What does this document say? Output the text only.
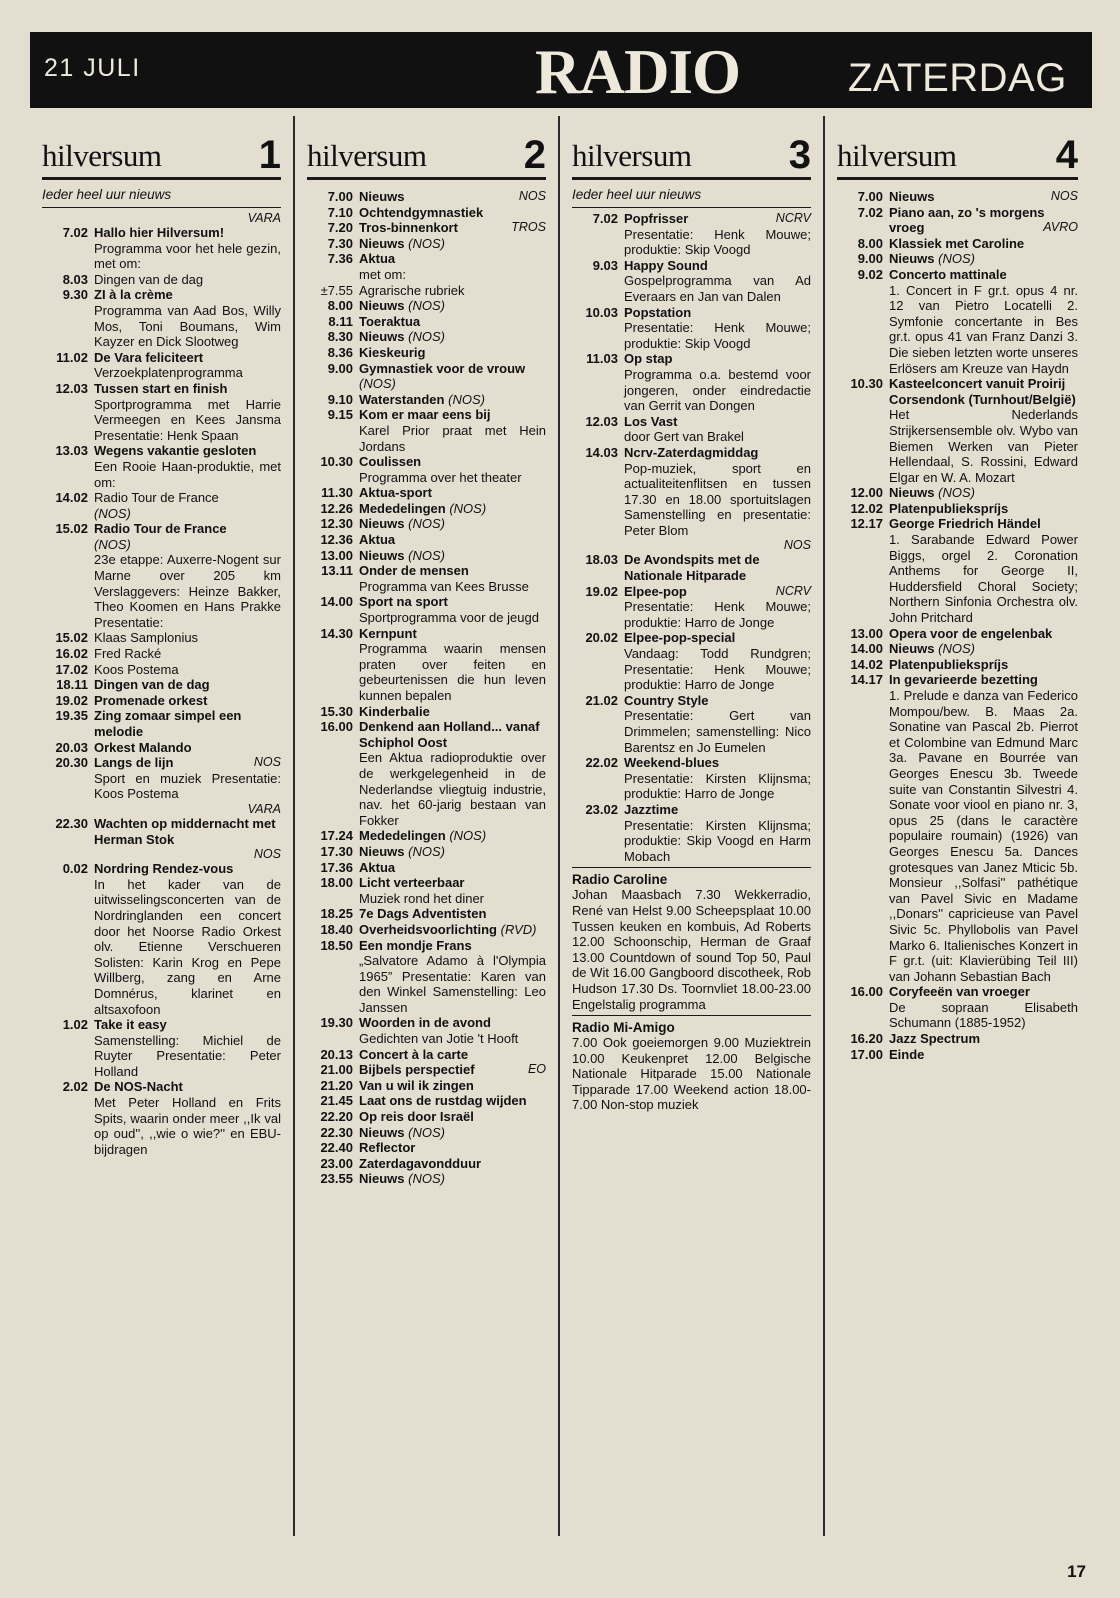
21 JULI	RADIO	ZATERDAG
hilversum 1
Ieder heel uur nieuws
VARA
7.02 Hallo hier Hilversum!
Programma voor het hele gezin, met om:
8.03 Dingen van de dag
9.30 ZI à la crème
Programma van Aad Bos, Willy Mos, Toni Boumans, Wim Kayzer en Dick Slootweg
11.02 De Vara feliciteert
Verzoekplatenprogramma
12.03 Tussen start en finish
Sportprogramma met Harrie Vermeegen en Kees Jansma Presentatie: Henk Spaan
13.03 Wegens vakantie gesloten
Een Rooie Haan-produktie, met om:
14.02 Radio Tour de France
(NOS)
15.02 Radio Tour de France
(NOS)
23e etappe: Auxerre-Nogent sur Marne over 205 km Verslaggevers: Heinze Bakker, Theo Koomen en Hans Prakke Presentatie:
15.02 Klaas Samplonius
16.02 Fred Racké
17.02 Koos Postema
18.11 Dingen van de dag
19.02 Promenade orkest
19.35 Zing zomaar simpel een melodie
20.03 Orkest Malando
20.30 Langs de lijn	NOS
Sport en muziek Presentatie: Koos Postema
VARA
22.30 Wachten op middernacht met Herman Stok
NOS
0.02 Nordring Rendez-vous
In het kader van de uitwisselingsconcerten van de Nordringlanden een concert door het Noorse Radio Orkest olv. Etienne Verschueren Solisten: Karin Krog en Pepe Willberg, zang en Arne Domnérus, klarinet en altsaxofoon
1.02 Take it easy
Samenstelling: Michiel de Ruyter Presentatie: Peter Holland
2.02 De NOS-Nacht
Met Peter Holland en Frits Spits, waarin onder meer ,,Ik val op oud'', ,,wie o wie?'' en EBU-bijdragen
hilversum 2
7.00 Nieuws	NOS
7.10 Ochtendgymnastiek
7.20 Tros-binnenkort	TROS
7.30 Nieuws (NOS)
7.36 Aktua
met om:
±7.55 Agrarische rubriek
8.00 Nieuws (NOS)
8.11 Toeraktua
8.30 Nieuws (NOS)
8.36 Kieskeurig
9.00 Gymnastiek voor de vrouw (NOS)
9.10 Waterstanden (NOS)
9.15 Kom er maar eens bij
Karel Prior praat met Hein Jordans
10.30 Coulissen
Programma over het theater
11.30 Aktua-sport
12.26 Mededelingen (NOS)
12.30 Nieuws (NOS)
12.36 Aktua
13.00 Nieuws (NOS)
13.11 Onder de mensen
Programma van Kees Brusse
14.00 Sport na sport
Sportprogramma voor de jeugd
14.30 Kernpunt
Programma waarin mensen praten over feiten en gebeurtenissen die hun leven kunnen bepalen
15.30 Kinderbalie
16.00 Denkend aan Holland... vanaf Schiphol Oost
Een Aktua radioproduktie over de werkgelegenheid in de Nederlandse vliegtuig industrie, nav. het 60-jarig bestaan van Fokker
17.24 Mededelingen (NOS)
17.30 Nieuws (NOS)
17.36 Aktua
18.00 Licht verteerbaar
Muziek rond het diner
18.25 7e Dags Adventisten
18.40 Overheidsvoorlichting (RVD)
18.50 Een mondje Frans
„Salvatore Adamo à l'Olympia 1965” Presentatie: Karen van den Winkel Samenstelling: Leo Janssen
19.30 Woorden in de avond
Gedichten van Jotie 't Hooft
20.13 Concert à la carte
21.00 Bijbels perspectief	EO
21.20 Van u wil ik zingen
21.45 Laat ons de rustdag wijden
22.20 Op reis door Israël
22.30 Nieuws (NOS)
22.40 Reflector
23.00 Zaterdagavondduur
23.55 Nieuws (NOS)
hilversum 3
Ieder heel uur nieuws
7.02 Popfrisser	NCRV
Presentatie: Henk Mouwe; produktie: Skip Voogd
9.03 Happy Sound
Gospelprogramma van Ad Everaars en Jan van Dalen
10.03 Popstation
Presentatie: Henk Mouwe; produktie: Skip Voogd
11.03 Op stap
Programma o.a. bestemd voor jongeren, onder eindredactie van Gerrit van Dongen
12.03 Los Vast
door Gert van Brakel
14.03 Ncrv-Zaterdagmiddag
Pop-muziek, sport en actualiteitenflitsen en tussen 17.30 en 18.00 sportuitslagen Samenstelling en presentatie: Peter Blom
NOS
18.03 De Avondspits met de Nationale Hitparade
19.02 Elpee-pop	NCRV
Presentatie: Henk Mouwe; produktie: Harro de Jonge
20.02 Elpee-pop-special
Vandaag: Todd Rundgren; Presentatie: Henk Mouwe; produktie: Harro de Jonge
21.02 Country Style
Presentatie: Gert van Drimmelen; samenstelling: Nico Barentsz en Jo Eumelen
22.02 Weekend-blues
Presentatie: Kirsten Klijnsma; produktie: Harro de Jonge
23.02 Jazztime
Presentatie: Kirsten Klijnsma; produktie: Skip Voogd en Harm Mobach
Radio Caroline
Johan Maasbach 7.30 Wekkerradio, René van Helst 9.00 Scheepsplaat 10.00 Tussen keuken en kombuis, Ad Roberts 12.00 Schoonschip, Herman de Graaf 13.00 Countdown of sound Top 50, Paul de Wit 16.00 Gangboord discotheek, Rob Hudson 17.30 Ds. Toornvliet 18.00-23.00 Engelstalig programma
Radio Mi-Amigo
7.00 Ook goeiemorgen 9.00 Muziektrein 10.00 Keukenpret 12.00 Belgische Nationale Hitparade 15.00 Nationale Tipparade 17.00 Weekend action 18.00-7.00 Non-stop muziek
hilversum 4
7.00 Nieuws	NOS
7.02 Piano aan, zo 's morgens vroeg	AVRO
8.00 Klassiek met Caroline
9.00 Nieuws (NOS)
9.02 Concerto mattinale
1. Concert in F gr.t. opus 4 nr. 12 van Pietro Locatelli 2. Symfonie concertante in Bes gr.t. opus 41 van Franz Danzi 3. Die sieben letzten worte unseres Erlösers am Kreuze van Haydn
10.30 Kasteelconcert vanuit Proirij Corsendonk (Turnhout/België)
Het Nederlands Strijkersensemble olv. Wybo van Biemen Werken van Pieter Hellendaal, S. Rossini, Edward Elgar en W. A. Mozart
12.00 Nieuws (NOS)
12.02 Platenpubliekspríjs
12.17 George Friedrich Händel
1. Sarabande Edward Power Biggs, orgel 2. Coronation Anthems for George II, Huddersfield Choral Society; Northern Sinfonia Orchestra olv. John Pritchard
13.00 Opera voor de engelenbak
14.00 Nieuws (NOS)
14.02 Platenpubliekspríjs
14.17 In gevarieerde bezetting
1. Prelude e danza van Federico Mompou/bew. B. Maas 2a. Sonatine van Pascal 2b. Pierrot et Colombine van Edmund Marc 3a. Pavane en Bourrée van Georges Enescu 3b. Tweede suite van Constantin Silvestri 4. Sonate voor viool en piano nr. 3, opus 25 (dans le caractère populaire roumain) (1926) van Georges Enescu 5a. Dances grotesques van Janez Mticic 5b. Monsieur ,,Solfasi'' pathétique van Pavel Sivic en Madame ,,Donars'' capricieuse van Pavel Sivic 5c. Phyllobolis van Pavel Marko 6. Italienisches Konzert in F gr.t. (uit: Klavierübing Teil III) van Johann Sebastian Bach
16.00 Coryfeeën van vroeger
De sopraan Elisabeth Schumann (1885-1952)
16.20 Jazz Spectrum
17.00 Einde
17
